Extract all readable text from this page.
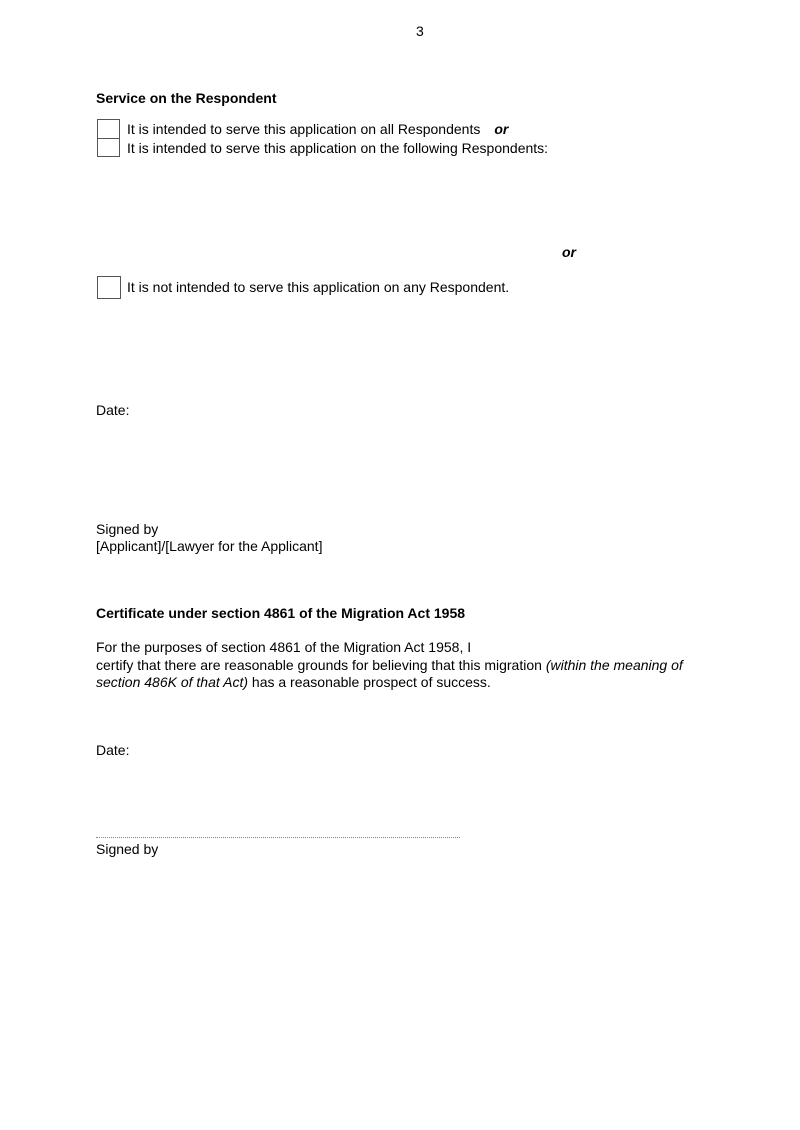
3
Service on the Respondent
It is intended to serve this application on all Respondents or
It is intended to serve this application on the following Respondents:
or
It is not intended to serve this application on any Respondent.
Date:
Signed by
[Applicant]/[Lawyer for the Applicant]
Certificate under section 4861 of the Migration Act 1958
For the purposes of section 4861 of the Migration Act 1958, I
certify that there are reasonable grounds for believing that this migration (within the meaning of
section 486K of that Act) has a reasonable prospect of success.
Date:
Signed by
